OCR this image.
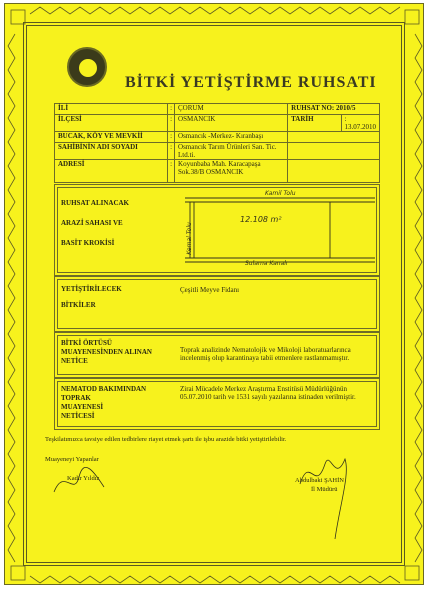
BİTKİ YETİŞTİRME RUHSATI
İLİ	:	ÇORUM	RUHSAT NO: 2010/5	
İLÇESİ	:	OSMANCIK	TARİH	: 13.07.2010
BUCAK, KÖY VE MEVKİİ	:	Osmancık -Merkez- Kıranbaşı		
SAHİBİNİN ADI SOYADI	:	Osmancık Tarım Ürünleri San. Tic. Ltd.ti.		
ADRESİ	:	Koyunbaba Mah. Karacapaşa Sok.38/B OSMANCIK		
RUHSAT ALINACAK
ARAZİ SAHASI VE
BASİT KROKİSİ
Kamil Tolu
12.108 m²
Kemal Tolu
Sulama Kanalı
YETİŞTİRİLECEK
BİTKİLER
Çeşitli Meyve Fidanı
BİTKİ ÖRTÜSÜ
MUAYENESİNDEN ALINAN
NETİCE
Toprak analizinde Nematolojik ve Mikoloji laboratuarlarınca incelenmiş olup karantinaya tabii etmenlere rastlanmamıştır.
NEMATOD BAKIMINDAN
TOPRAK
MUAYENESİ
NETİCESİ
Zirai Mücadele Merkez Araştırma Enstitüsü Müdürlüğünün 05.07.2010 tarih ve 1531 sayılı yazılarına istinaden verilmiştir.
Teşkilatımızca tavsiye edilen tedbirlere riayet etmek şartı ile işbu arazide bitki yetiştirilebilir.
Muayeneyi Yapanlar
Kadir Yıldız	Abdulbaki ŞAHİN
İl Müdürü
